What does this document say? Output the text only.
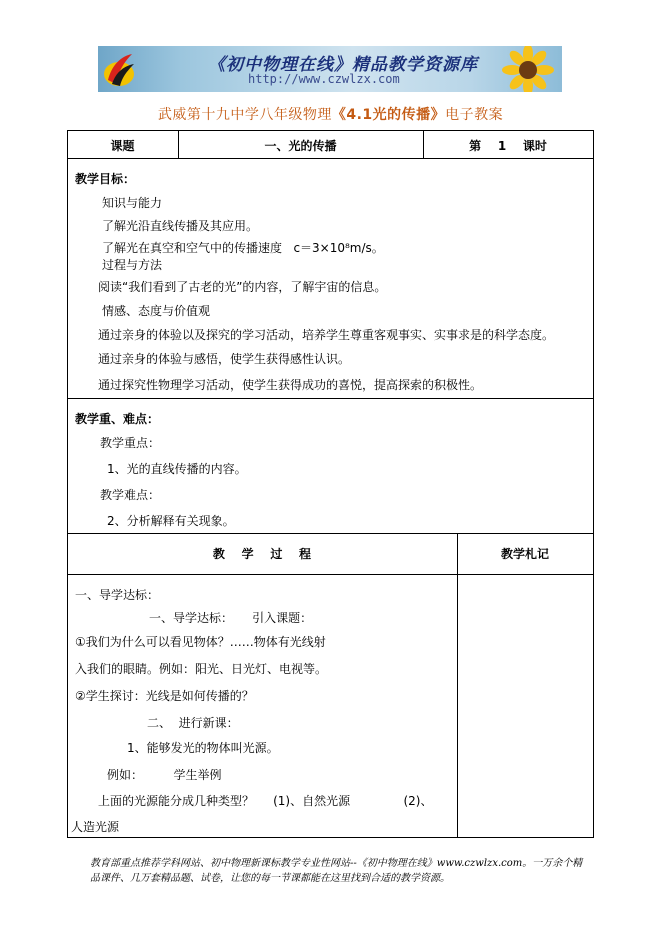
《初中物理在线》精品教学资源库
http://www.czwlzx.com
武威第十九中学八年级物理《4.1光的传播》电子教案
课题	一、光的传播	第    1    课时
教学目标：
知识与能力
了解光沿直线传播及其应用。
了解光在真空和空气中的传播速度   c＝3×10⁸m/s。
过程与方法
阅读“我们看到了古老的光”的内容，了解宇宙的信息。
情感、态度与价值观
通过亲身的体验以及探究的学习活动，培养学生尊重客观事实、实事求是的科学态度。
通过亲身的体验与感悟，使学生获得感性认识。
通过探究性物理学习活动，使学生获得成功的喜悦，提高探索的积极性。
教学重、难点：
教学重点：
1、光的直线传播的内容。
教学难点：
2、分析解释有关现象。
教    学    过    程	教学札记
一、导学达标：
一、导学达标：     引入课题：
①我们为什么可以看见物体？……物体有光线射
入我们的眼睛。例如：阳光、日光灯、电视等。
②学生探讨：光线是如何传播的？
二、  进行新课：
1、能够发光的物体叫光源。
例如：        学生举例
上面的光源能分成几种类型？     (1)、自然光源              (2)、
人造光源
教育部重点推荐学科网站、初中物理新课标教学专业性网站--《初中物理在线》www.czwlzx.com。一万余个精品课件、几万套精品题、试卷，让您的每一节课都能在这里找到合适的教学资源。
